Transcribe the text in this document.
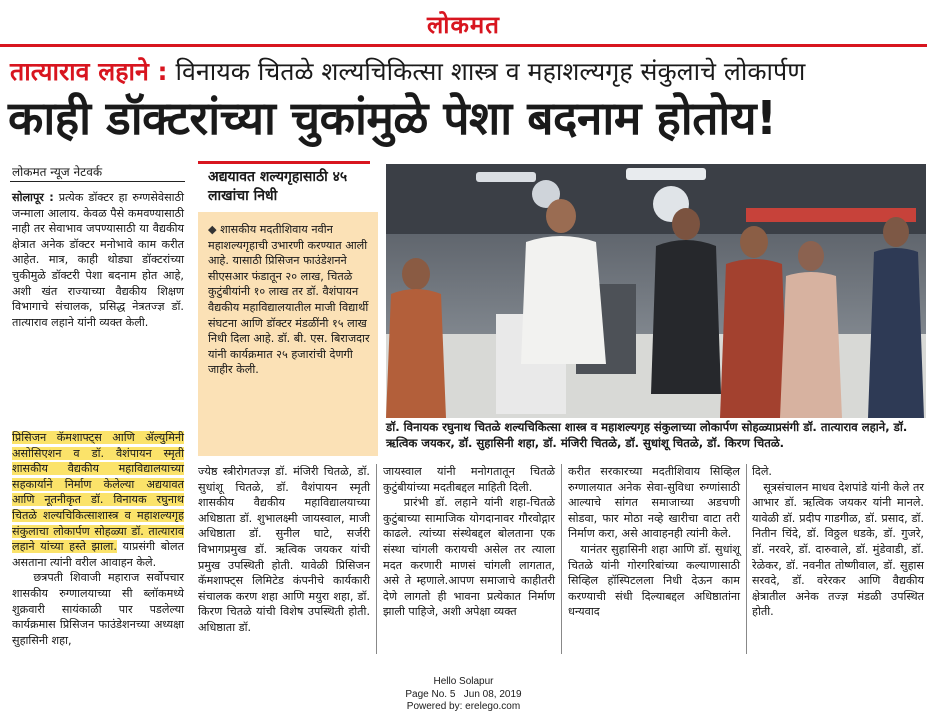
लोकमत
तात्याराव लहाने : विनायक चितळे शल्यचिकित्सा शास्त्र व महाशल्यगृह संकुलाचे लोकार्पण
काही डॉक्टरांच्या चुकांमुळे पेशा बदनाम होतोय!
लोकमत न्यूज नेटवर्क
सोलापूर : प्रत्येक डॉक्टर हा रुग्णसेवेसाठी जन्माला आलाय. केवळ पैसे कमवण्यासाठी नाही तर सेवाभाव जपण्यासाठी या वैद्यकीय क्षेत्रात अनेक डॉक्टर मनोभावे काम करीत आहेत. मात्र, काही थोड्या डॉक्टरांच्या चुकीमुळे डॉक्टरी पेशा बदनाम होत आहे, अशी खंत राज्याच्या वैद्यकीय शिक्षण विभागाचे संचालक, प्रसिद्ध नेत्रतज्ज्ञ डॉ. तात्याराव लहाने यांनी व्यक्त केली.
प्रिसिजन कॅमशाफ्ट्स आणि ॲल्युमिनी असोसिएशन व डॉ. वैशंपायन स्मृती शासकीय वैद्यकीय महाविद्यालयाच्या सहकार्याने निर्माण केलेल्या अद्ययावत आणि नूतनीकृत डॉ. विनायक रघुनाथ चितळे शल्यचिकित्साशास्त्र व महाशल्यगृह संकुलाचा लोकार्पण सोहळ्या डॉ. तात्याराव लहाने यांच्या हस्ते झाला. याप्रसंगी बोलत असताना त्यांनी वरील आवाहन केले.
छत्रपती शिवाजी महाराज सर्वोपचार शासकीय रुग्णालयाच्या सी ब्लॉकमध्ये शुक्रवारी सायंकाळी पार पडलेल्या कार्यक्रमास प्रिसिजन फाउंडेशनच्या अध्यक्षा सुहासिनी शहा,
अद्ययावत शल्यगृहासाठी ४५ लाखांचा निधी
◆ शासकीय मदतीशिवाय नवीन महाशल्यगृहाची उभारणी करण्यात आली आहे. यासाठी प्रिसिजन फाउंडेशनने सीएसआर फंडातून २० लाख, चितळे कुटुंबीयांनी १० लाख तर डॉ. वैशंपायन वैद्यकीय महाविद्यालयातील माजी विद्यार्थी संघटना आणि डॉक्टर मंडळींनी १५ लाख निधी दिला आहे. डॉ. बी. एस. बिराजदार यांनी कार्यक्रमात २५ हजारांची देणगी जाहीर केली.
डॉ. विनायक रघुनाथ चितळे शल्यचिकित्सा शास्त्र व महाशल्यगृह संकुलाच्या लोकार्पण सोहळ्याप्रसंगी डॉ. तात्याराव लहाने, डॉ. ऋत्विक जयकर, डॉ. सुहासिनी शहा, डॉ. मंजिरी चितळे, डॉ. सुधांशू चितळे, डॉ. किरण चितळे.
ज्येष्ठ स्त्रीरोगतज्ज्ञ डॉ. मंजिरी चितळे, डॉ. सुधांशू चितळे, डॉ. वैशंपायन स्मृती शासकीय वैद्यकीय महाविद्यालयाच्या अधिष्ठाता डॉ. शुभालक्ष्मी जायस्वाल, माजी अधिष्ठाता डॉ. सुनील घाटे, सर्जरी विभागप्रमुख डॉ. ऋत्विक जयकर यांची प्रमुख उपस्थिती होती. यावेळी प्रिसिजन कॅमशाफ्ट्स लिमिटेड कंपनीचे कार्यकारी संचालक करण शहा आणि मयुरा शहा, डॉ. किरण चितळे यांची विशेष उपस्थिती होती. अधिष्ठाता डॉ.
जायस्वाल यांनी मनोगतातून चितळे कुटुंबीयांच्या मदतीबद्दल माहिती दिली.
प्रारंभी डॉ. लहाने यांनी शहा-चितळे कुटुंबाच्या सामाजिक योगदानावर गौरवोद्गार काढले. त्यांच्या संस्थेबद्दल बोलताना एक संस्था चांगली करायची असेल तर त्याला मदत करणारी माणसं चांगली लागतात, असे ते म्हणाले.आपण समाजाचे काहीतरी देणे लागतो ही भावना प्रत्येकात निर्माण झाली पाहिजे, अशी अपेक्षा व्यक्त
करीत सरकारच्या मदतीशिवाय सिव्हिल रुग्णालयात अनेक सेवा-सुविधा रुग्णांसाठी आल्याचे सांगत समाजाच्या अडचणी सोडवा, फार मोठा नव्हे खारीचा वाटा तरी निर्माण करा, असे आवाहनही त्यांनी केले.
यानंतर सुहासिनी शहा आणि डॉ. सुधांशू चितळे यांनी गोरगरिबांच्या कल्याणासाठी सिव्हिल हॉस्पिटलला निधी देऊन काम करण्याची संधी दिल्याबद्दल अधिष्ठातांना धन्यवाद
दिले.
सूत्रसंचालन माधव देशपांडे यांनी केले तर आभार डॉ. ऋत्विक जयकर यांनी मानले. यावेळी डॉ. प्रदीप गाडगीळ, डॉ. प्रसाद, डॉ. नितीन चिंदे, डॉ. विठ्ठल धडके, डॉ. गुजरे, डॉ. नरवरे, डॉ. दारुवाले, डॉ. मुंडेवाडी, डॉ. रेळेकर, डॉ. नवनीत तोष्णीवाल, डॉ. सुहास सरवदे, डॉ. वरेरकर आणि वैद्यकीय क्षेत्रातील अनेक तज्ज्ञ मंडळी उपस्थित होती.
Hello Solapur
Page No. 5   Jun 08, 2019
Powered by: erelego.com
